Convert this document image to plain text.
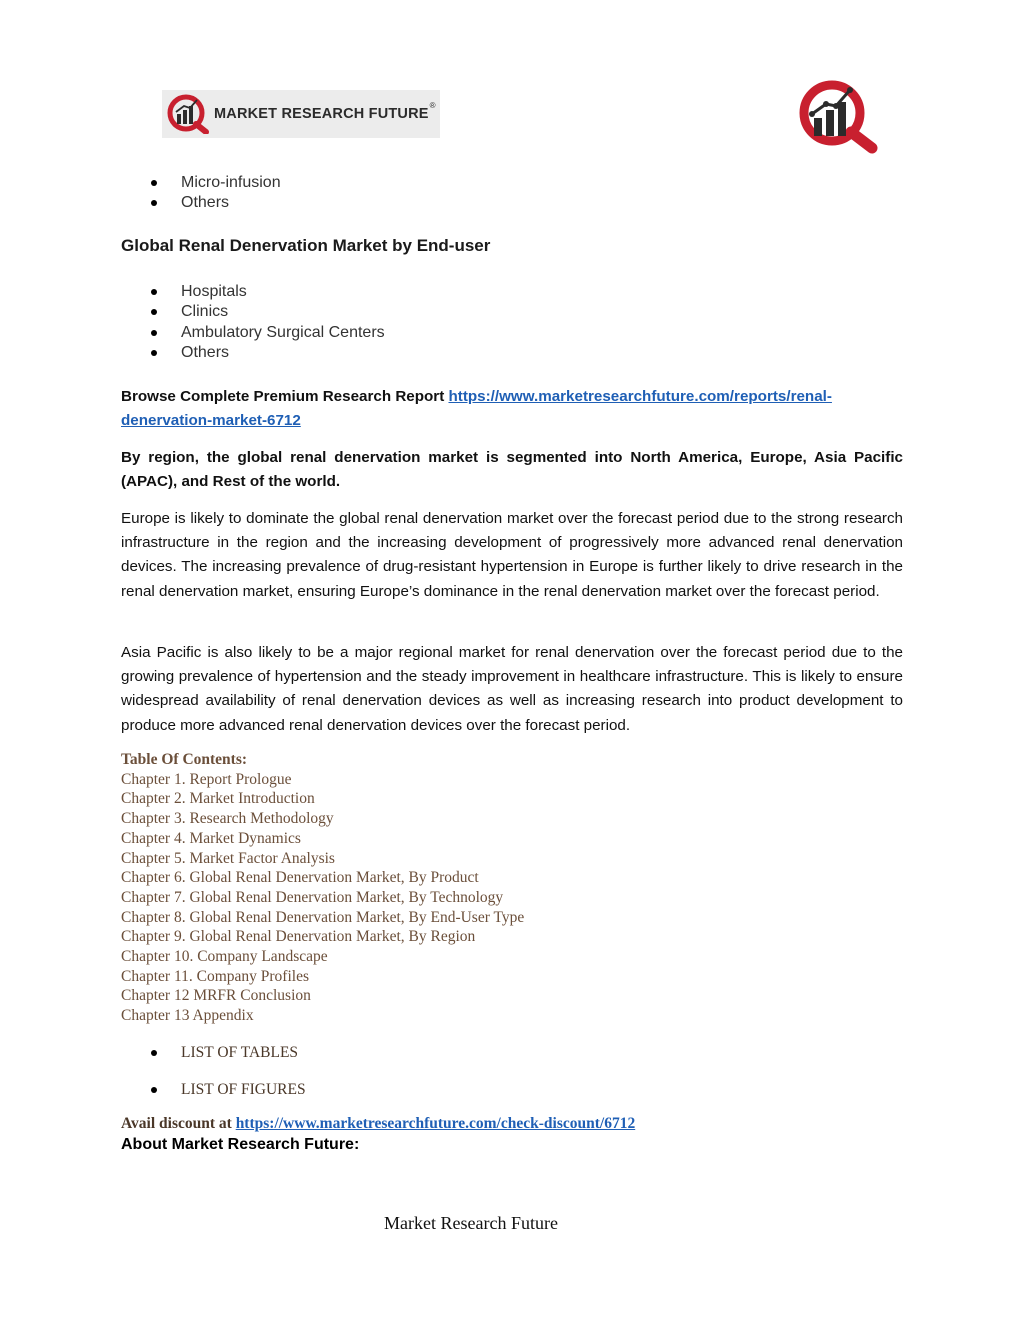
MARKET RESEARCH FUTURE
®
Micro-infusion
Others
Global Renal Denervation Market by End-user
Hospitals
Clinics
Ambulatory Surgical Centers
Others
Browse Complete Premium Research Report https://www.marketresearchfuture.com/reports/renal-
denervation-market-6712
By region, the global renal denervation market is segmented into North America, Europe, Asia Pacific (APAC), and Rest of the world.
Europe is likely to dominate the global renal denervation market over the forecast period due to the strong research infrastructure in the region and the increasing development of progressively more advanced renal denervation devices. The increasing prevalence of drug-resistant hypertension in Europe is further likely to drive research in the renal denervation market, ensuring Europe’s dominance in the renal denervation market over the forecast period.
Asia Pacific is also likely to be a major regional market for renal denervation over the forecast period due to the growing prevalence of hypertension and the steady improvement in healthcare infrastructure. This is likely to ensure widespread availability of renal denervation devices as well as increasing research into product development to produce more advanced renal denervation devices over the forecast period.
Table Of Contents:
Chapter 1. Report Prologue
Chapter 2. Market Introduction
Chapter 3. Research Methodology
Chapter 4. Market Dynamics
Chapter 5. Market Factor Analysis
Chapter 6. Global Renal Denervation Market, By Product
Chapter 7. Global Renal Denervation Market, By Technology
Chapter 8. Global Renal Denervation Market, By End-User Type
Chapter 9. Global Renal Denervation Market, By Region
Chapter 10. Company Landscape
Chapter 11. Company Profiles
Chapter 12 MRFR Conclusion
Chapter 13 Appendix
LIST OF TABLES
LIST OF FIGURES
Avail discount at https://www.marketresearchfuture.com/check-discount/6712
About Market Research Future:
Market Research Future
